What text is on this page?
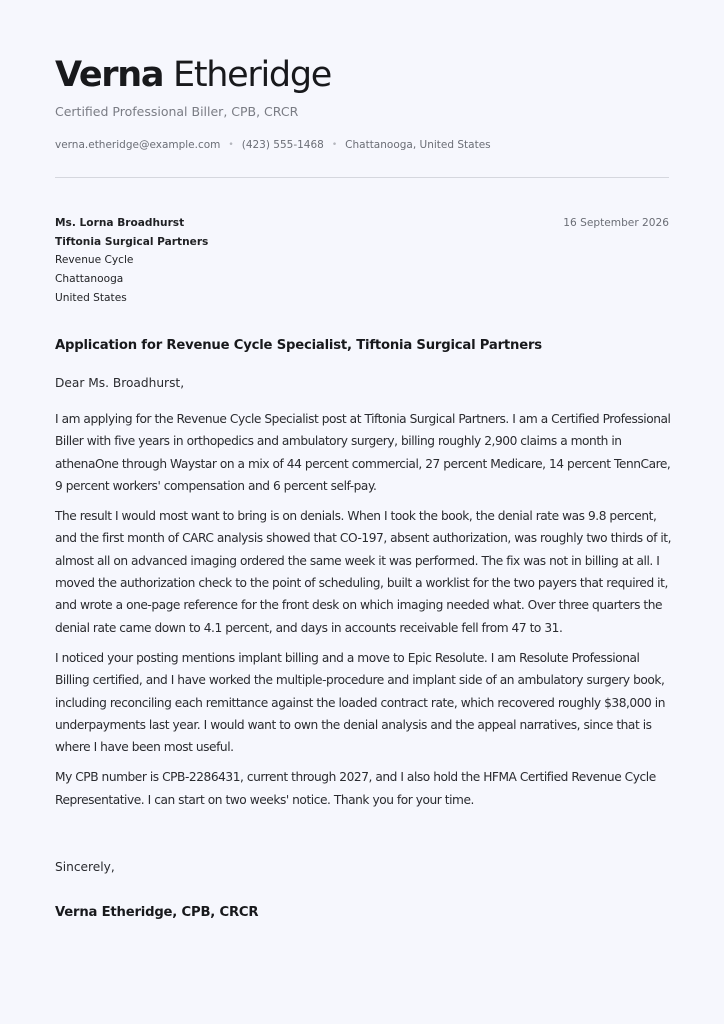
Verna Etheridge
Certified Professional Biller, CPB, CRCR
verna.etheridge@example.com • (423) 555-1468 • Chattanooga, United States
Ms. Lorna Broadhurst
Tiftonia Surgical Partners
Revenue Cycle
Chattanooga
United States
16 September 2026
Application for Revenue Cycle Specialist, Tiftonia Surgical Partners
Dear Ms. Broadhurst,

I am applying for the Revenue Cycle Specialist post at Tiftonia Surgical Partners. I am a Certified Professional Biller with five years in orthopedics and ambulatory surgery, billing roughly 2,900 claims a month in athenaOne through Waystar on a mix of 44 percent commercial, 27 percent Medicare, 14 percent TennCare, 9 percent workers' compensation and 6 percent self-pay.

The result I would most want to bring is on denials. When I took the book, the denial rate was 9.8 percent, and the first month of CARC analysis showed that CO-197, absent authorization, was roughly two thirds of it, almost all on advanced imaging ordered the same week it was performed. The fix was not in billing at all. I moved the authorization check to the point of scheduling, built a worklist for the two payers that required it, and wrote a one-page reference for the front desk on which imaging needed what. Over three quarters the denial rate came down to 4.1 percent, and days in accounts receivable fell from 47 to 31.

I noticed your posting mentions implant billing and a move to Epic Resolute. I am Resolute Professional Billing certified, and I have worked the multiple-procedure and implant side of an ambulatory surgery book, including reconciling each remittance against the loaded contract rate, which recovered roughly $38,000 in underpayments last year. I would want to own the denial analysis and the appeal narratives, since that is where I have been most useful.

My CPB number is CPB-2286431, current through 2027, and I also hold the HFMA Certified Revenue Cycle Representative. I can start on two weeks' notice. Thank you for your time.

Sincerely,
Verna Etheridge, CPB, CRCR
